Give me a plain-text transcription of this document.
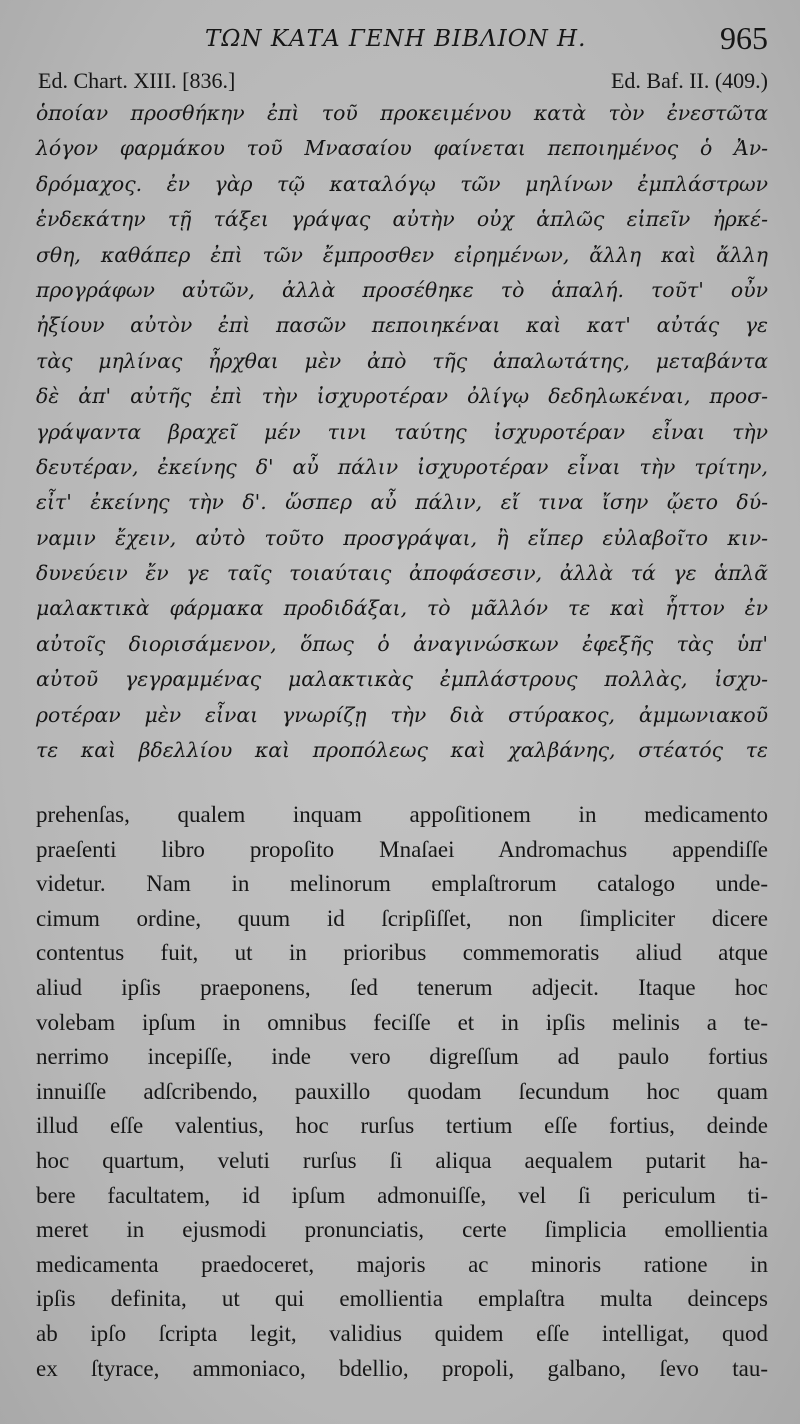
ΤΩΝ ΚΑΤΑ ΓΕΝΗ ΒΙΒΛΙΟΝ Η.	965
Ed. Chart. XIII. [836.]	Ed. Baf. II. (409.)
ὁποίαν προσθήκην ἐπὶ τοῦ προκειμένου κατὰ τὸν ἐνεστῶτα
λόγον φαρμάκου τοῦ Μνασαίου φαίνεται πεποιημένος ὁ Ἀν-
δρόμαχος. ἐν γὰρ τῷ καταλόγῳ τῶν μηλίνων ἐμπλάστρων
ἑνδεκάτην τῇ τάξει γράψας αὐτὴν οὐχ ἁπλῶς εἰπεῖν ἠρκέ-
σθη, καθάπερ ἐπὶ τῶν ἔμπροσθεν εἰρημένων, ἄλλη καὶ ἄλλη
προγράφων αὐτῶν, ἀλλὰ προσέθηκε τὸ ἁπαλή. τοῦτ' οὖν
ἠξίουν αὐτὸν ἐπὶ πασῶν πεποιηκέναι καὶ κατ' αὐτάς γε
τὰς μηλίνας ἦρχθαι μὲν ἀπὸ τῆς ἁπαλωτάτης, μεταβάντα
δὲ ἀπ' αὐτῆς ἐπὶ τὴν ἰσχυροτέραν ὀλίγῳ δεδηλωκέναι, προσ-
γράψαντα βραχεῖ μέν τινι ταύτης ἰσχυροτέραν εἶναι τὴν
δευτέραν, ἐκείνης δ' αὖ πάλιν ἰσχυροτέραν εἶναι τὴν τρίτην,
εἶτ' ἐκείνης τὴν δ'. ὥσπερ αὖ πάλιν, εἴ τινα ἴσην ᾤετο δύ-
ναμιν ἔχειν, αὐτὸ τοῦτο προσγράψαι, ἢ εἴπερ εὐλαβοῖτο κιν-
δυνεύειν ἔν γε ταῖς τοιαύταις ἀποφάσεσιν, ἀλλὰ τά γε ἁπλᾶ
μαλακτικὰ φάρμακα προδιδάξαι, τὸ μᾶλλόν τε καὶ ἧττον ἐν
αὐτοῖς διορισάμενον, ὅπως ὁ ἀναγινώσκων ἐφεξῆς τὰς ὑπ'
αὐτοῦ γεγραμμένας μαλακτικὰς ἐμπλάστρους πολλὰς, ἰσχυ-
ροτέραν μὲν εἶναι γνωρίζῃ τὴν διὰ στύρακος, ἀμμωνιακοῦ
τε καὶ βδελλίου καὶ προπόλεως καὶ χαλβάνης, στέατός τε
prehenſas, qualem inquam appoſitionem in medicamento
praeſenti libro propoſito Mnaſaei Andromachus appendiſſe
videtur. Nam in melinorum emplaſtrorum catalogo unde-
cimum ordine, quum id ſcripſiſſet, non ſimpliciter dicere
contentus fuit, ut in prioribus commemoratis aliud atque
aliud ipſis praeponens, ſed tenerum adjecit. Itaque hoc
volebam ipſum in omnibus feciſſe et in ipſis melinis a te-
nerrimo incepiſſe, inde vero digreſſum ad paulo fortius
innuiſſe adſcribendo, pauxillo quodam ſecundum hoc quam
illud eſſe valentius, hoc rurſus tertium eſſe fortius, deinde
hoc quartum, veluti rurſus ſi aliqua aequalem putarit ha-
bere facultatem, id ipſum admonuiſſe, vel ſi periculum ti-
meret in ejusmodi pronunciatis, certe ſimplicia emollientia
medicamenta praedoceret, majoris ac minoris ratione in
ipſis definita, ut qui emollientia emplaſtra multa deinceps
ab ipſo ſcripta legit, validius quidem eſſe intelligat, quod
ex ſtyrace, ammoniaco, bdellio, propoli, galbano, ſevo tau-
